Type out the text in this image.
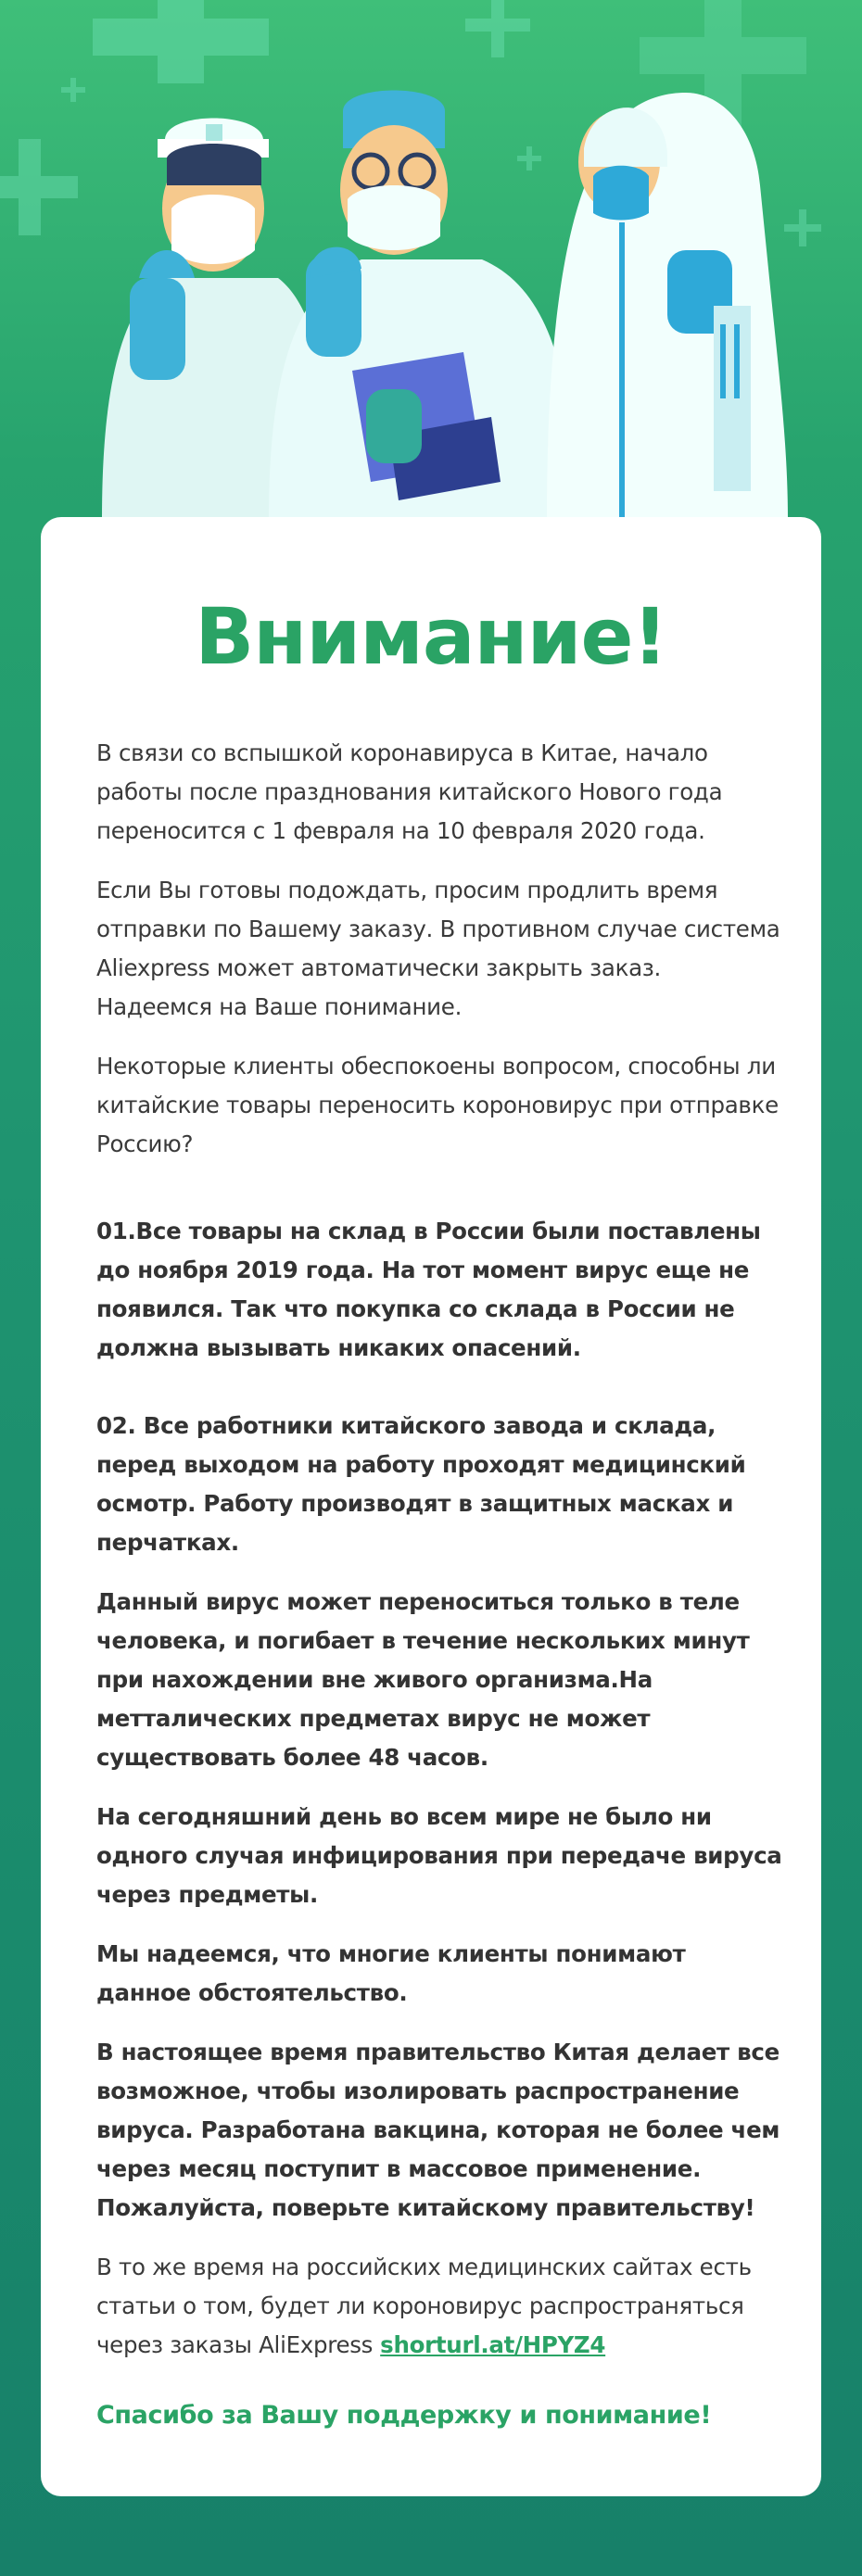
Внимание!

В связи со вспышкой коронавируса в Китае, начало работы после празднования китайского Нового года переносится с 1 февраля на 10 февраля 2020 года.

Если Вы готовы подождать, просим продлить время отправки по Вашему заказу. В противном случае система Aliexpress может автоматически закрыть заказ. Надеемся на Ваше понимание.

Некоторые клиенты обеспокоены вопросом, способны ли китайские товары переносить короновирус при отправке Россию?

01.Все товары на склад в России были поставлены до ноября 2019 года. На тот момент вирус еще не появился. Так что покупка со склада в России не должна вызывать никаких опасений.

02. Все работники китайского завода и склада, перед выходом на работу проходят медицинский осмотр. Работу производят в защитных масках и перчатках.

Данный вирус может переноситься только в теле человека, и погибает в течение нескольких минут при нахождении вне живого организма.На метталических предметах вирус не может существовать более 48 часов.

На сегодняшний день во всем мире не было ни одного случая инфицирования при передаче вируса через предметы.

Мы надеемся, что многие клиенты понимают данное обстоятельство.

В настоящее время правительство Китая делает все возможное, чтобы изолировать распространение вируса. Разработана вакцина, которая не более чем через месяц поступит в массовое применение. Пожалуйста, поверьте китайскому правительству!

В то же время на российских медицинских сайтах есть статьи о том, будет ли короновирус распространяться через заказы AliExpress shorturl.at/HPYZ4

Спасибо за Вашу поддержку и понимание!
